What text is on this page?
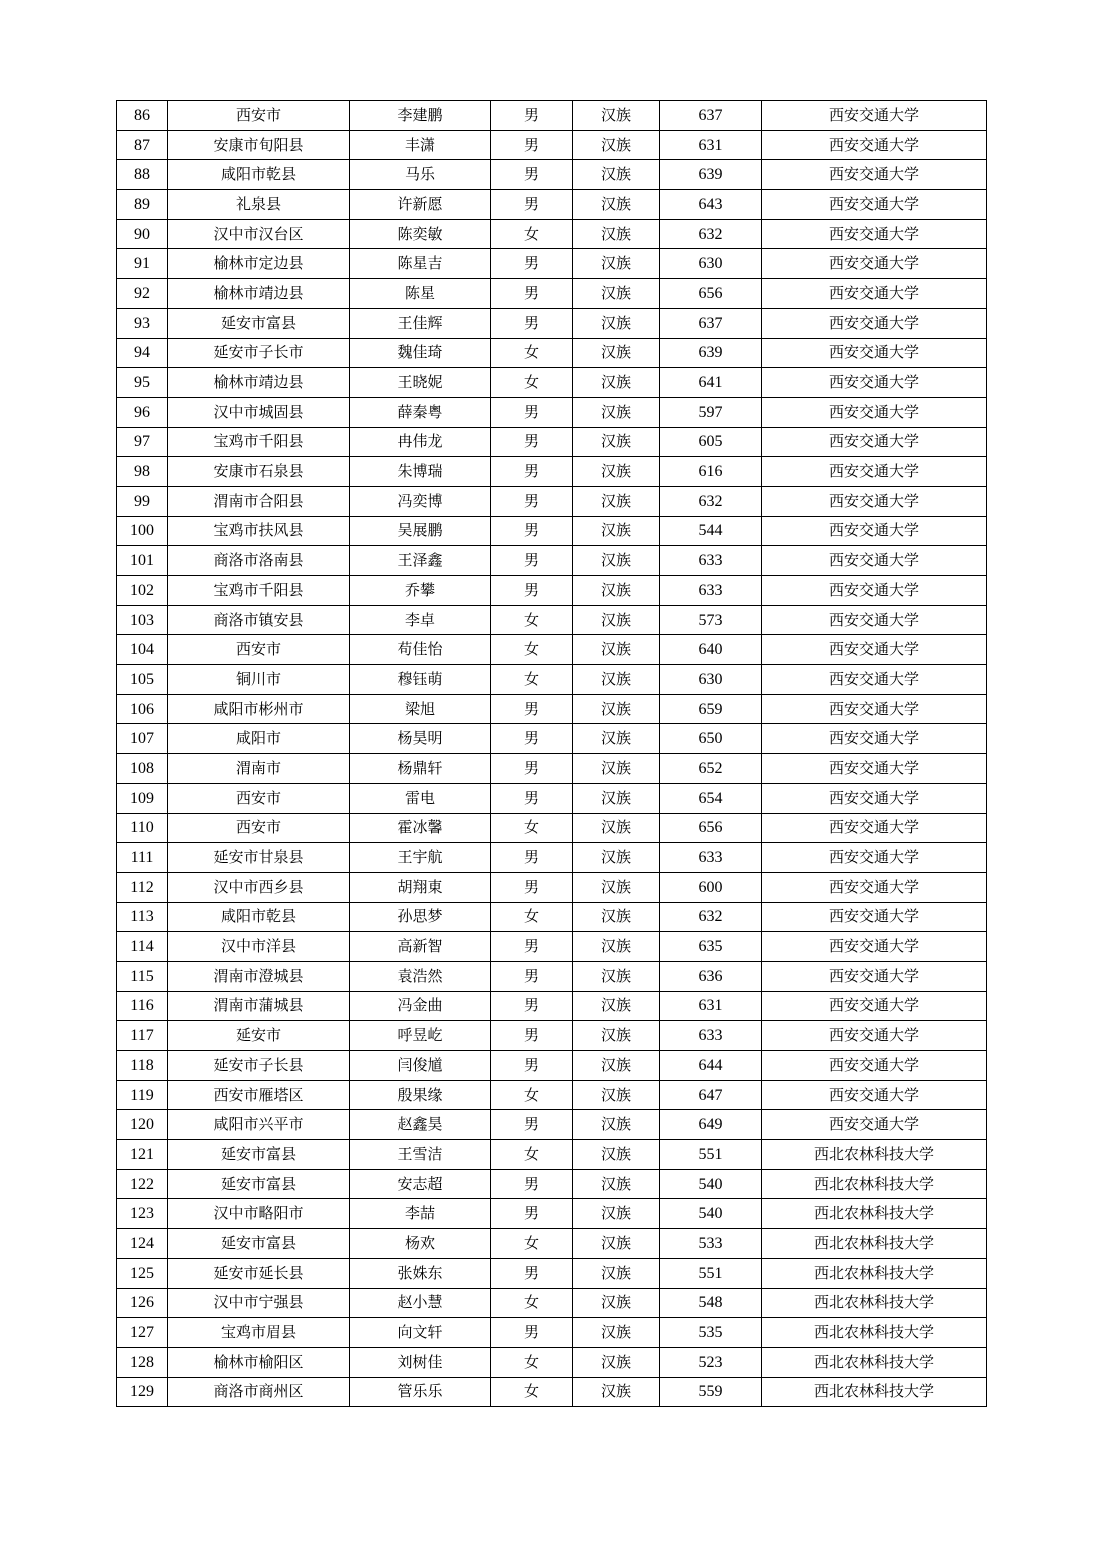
86	西安市	李建鹏	男	汉族	637	西安交通大学
87	安康市旬阳县	丰潇	男	汉族	631	西安交通大学
88	咸阳市乾县	马乐	男	汉族	639	西安交通大学
89	礼泉县	许新愿	男	汉族	643	西安交通大学
90	汉中市汉台区	陈奕敏	女	汉族	632	西安交通大学
91	榆林市定边县	陈星吉	男	汉族	630	西安交通大学
92	榆林市靖边县	陈星	男	汉族	656	西安交通大学
93	延安市富县	王佳辉	男	汉族	637	西安交通大学
94	延安市子长市	魏佳琦	女	汉族	639	西安交通大学
95	榆林市靖边县	王晓妮	女	汉族	641	西安交通大学
96	汉中市城固县	薛秦粤	男	汉族	597	西安交通大学
97	宝鸡市千阳县	冉伟龙	男	汉族	605	西安交通大学
98	安康市石泉县	朱博瑞	男	汉族	616	西安交通大学
99	渭南市合阳县	冯奕博	男	汉族	632	西安交通大学
100	宝鸡市扶风县	吴展鹏	男	汉族	544	西安交通大学
101	商洛市洛南县	王泽鑫	男	汉族	633	西安交通大学
102	宝鸡市千阳县	乔攀	男	汉族	633	西安交通大学
103	商洛市镇安县	李卓	女	汉族	573	西安交通大学
104	西安市	苟佳怡	女	汉族	640	西安交通大学
105	铜川市	穆钰萌	女	汉族	630	西安交通大学
106	咸阳市彬州市	梁旭	男	汉族	659	西安交通大学
107	咸阳市	杨昊明	男	汉族	650	西安交通大学
108	渭南市	杨鼎轩	男	汉族	652	西安交通大学
109	西安市	雷电	男	汉族	654	西安交通大学
110	西安市	霍冰馨	女	汉族	656	西安交通大学
111	延安市甘泉县	王宇航	男	汉族	633	西安交通大学
112	汉中市西乡县	胡翔東	男	汉族	600	西安交通大学
113	咸阳市乾县	孙思梦	女	汉族	632	西安交通大学
114	汉中市洋县	高新智	男	汉族	635	西安交通大学
115	渭南市澄城县	袁浩然	男	汉族	636	西安交通大学
116	渭南市蒲城县	冯金曲	男	汉族	631	西安交通大学
117	延安市	呼昱屹	男	汉族	633	西安交通大学
118	延安市子长县	闫俊馗	男	汉族	644	西安交通大学
119	西安市雁塔区	殷果缘	女	汉族	647	西安交通大学
120	咸阳市兴平市	赵鑫昊	男	汉族	649	西安交通大学
121	延安市富县	王雪洁	女	汉族	551	西北农林科技大学
122	延安市富县	安志超	男	汉族	540	西北农林科技大学
123	汉中市略阳市	李喆	男	汉族	540	西北农林科技大学
124	延安市富县	杨欢	女	汉族	533	西北农林科技大学
125	延安市延长县	张姝东	男	汉族	551	西北农林科技大学
126	汉中市宁强县	赵小慧	女	汉族	548	西北农林科技大学
127	宝鸡市眉县	向文轩	男	汉族	535	西北农林科技大学
128	榆林市榆阳区	刘树佳	女	汉族	523	西北农林科技大学
129	商洛市商州区	管乐乐	女	汉族	559	西北农林科技大学
